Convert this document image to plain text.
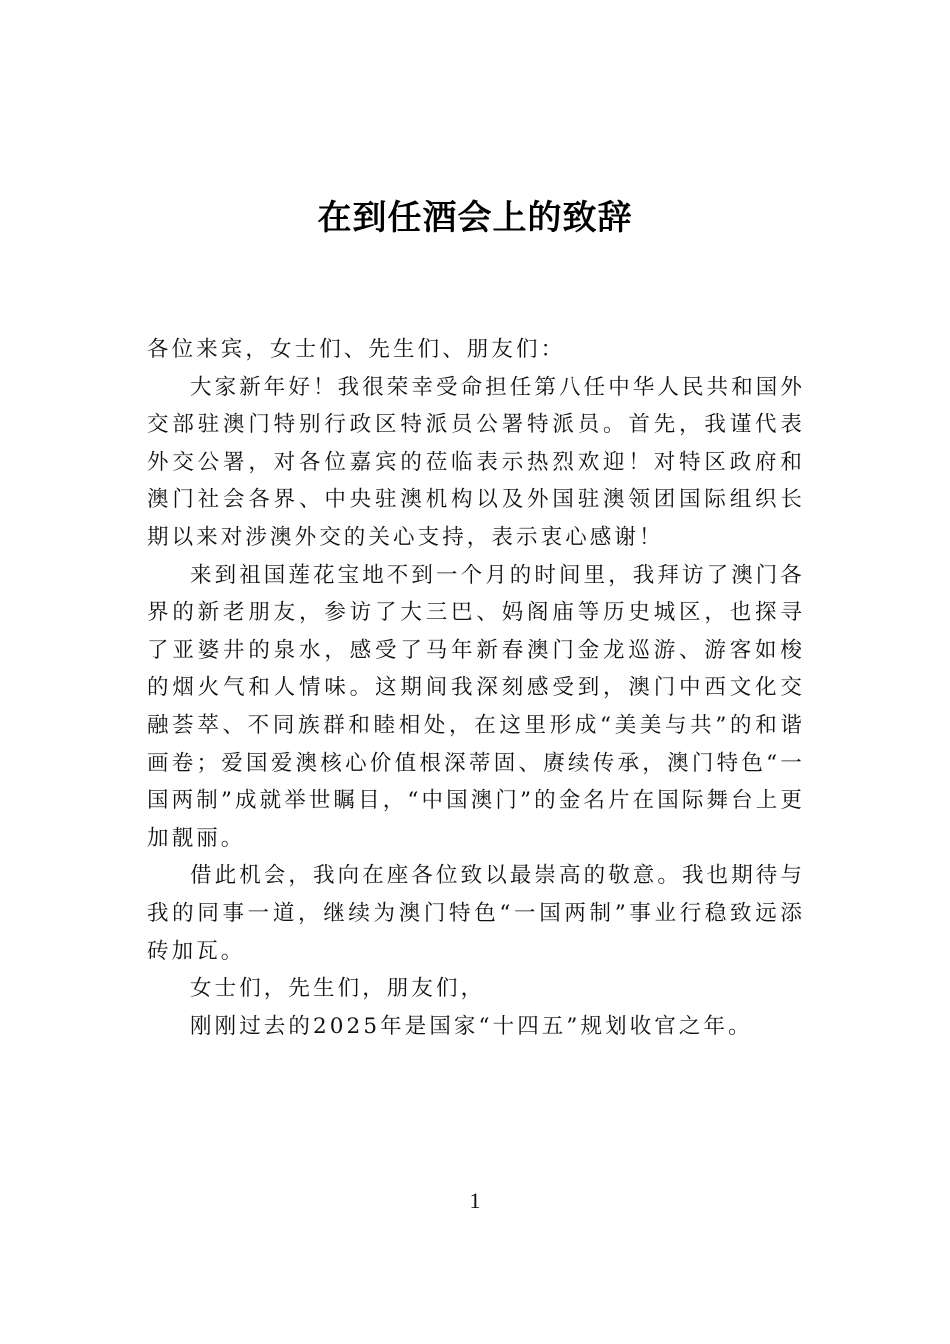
在到任酒会上的致辞

各位来宾，女士们、先生们、朋友们：

大家新年好！我很荣幸受命担任第八任中华人民共和国外交部驻澳门特别行政区特派员公署特派员。首先，我谨代表外交公署，对各位嘉宾的莅临表示热烈欢迎！对特区政府和澳门社会各界、中央驻澳机构以及外国驻澳领团国际组织长期以来对涉澳外交的关心支持，表示衷心感谢！

来到祖国莲花宝地不到一个月的时间里，我拜访了澳门各界的新老朋友，参访了大三巴、妈阁庙等历史城区，也探寻了亚婆井的泉水，感受了马年新春澳门金龙巡游、游客如梭的烟火气和人情味。这期间我深刻感受到，澳门中西文化交融荟萃、不同族群和睦相处，在这里形成“美美与共”的和谐画卷；爱国爱澳核心价值根深蒂固、赓续传承，澳门特色“一国两制”成就举世瞩目，“中国澳门”的金名片在国际舞台上更加靓丽。

借此机会，我向在座各位致以最崇高的敬意。我也期待与我的同事一道，继续为澳门特色“一国两制”事业行稳致远添砖加瓦。

女士们，先生们，朋友们，

刚刚过去的2025年是国家“十四五”规划收官之年。

1
